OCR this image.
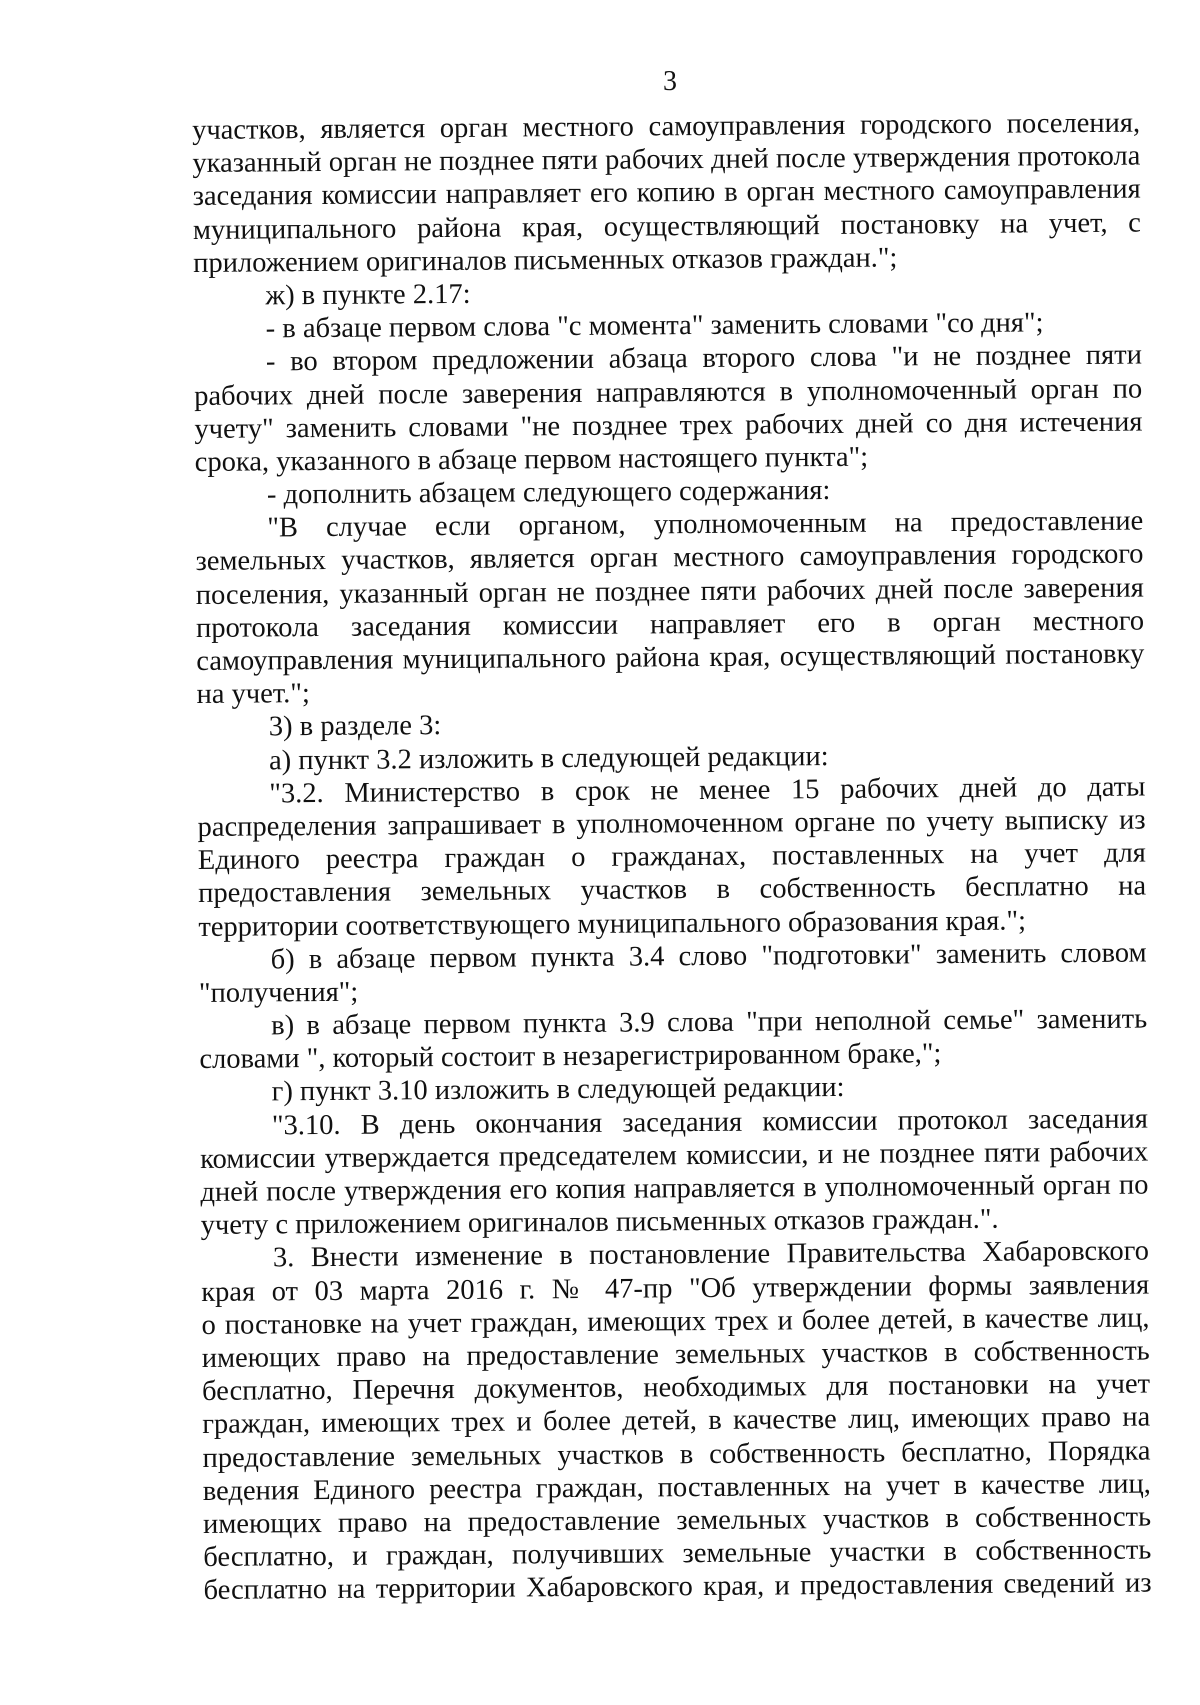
3
участков, является орган местного самоуправления городского поселения,
указанный орган не позднее пяти рабочих дней после утверждения протокола
заседания комиссии направляет его копию в орган местного самоуправления
муниципального района края, осуществляющий постановку на учет, с
приложением оригиналов письменных отказов граждан.";
ж) в пункте 2.17:
- в абзаце первом слова "с момента" заменить словами "со дня";
- во втором предложении абзаца второго слова "и не позднее пяти
рабочих дней после заверения направляются в уполномоченный орган по
учету" заменить словами "не позднее трех рабочих дней со дня истечения
срока, указанного в абзаце первом настоящего пункта";
- дополнить абзацем следующего содержания:
"В случае если органом, уполномоченным на предоставление
земельных участков, является орган местного самоуправления городского
поселения, указанный орган не позднее пяти рабочих дней после заверения
протокола заседания комиссии направляет его в орган местного
самоуправления муниципального района края, осуществляющий постановку
на учет.";
3) в разделе 3:
а) пункт 3.2 изложить в следующей редакции:
"3.2. Министерство в срок не менее 15 рабочих дней до даты
распределения запрашивает в уполномоченном органе по учету выписку из
Единого реестра граждан о гражданах, поставленных на учет для
предоставления земельных участков в собственность бесплатно на
территории соответствующего муниципального образования края.";
б) в абзаце первом пункта 3.4 слово "подготовки" заменить словом
"получения";
в) в абзаце первом пункта 3.9 слова "при неполной семье" заменить
словами ", который состоит в незарегистрированном браке,";
г) пункт 3.10 изложить в следующей редакции:
"3.10. В день окончания заседания комиссии протокол заседания
комиссии утверждается председателем комиссии, и не позднее пяти рабочих
дней после утверждения его копия направляется в уполномоченный орган по
учету с приложением оригиналов письменных отказов граждан.".
3. Внести изменение в постановление Правительства Хабаровского
края от 03 марта 2016 г. № 47-пр "Об утверждении формы заявления
о постановке на учет граждан, имеющих трех и более детей, в качестве лиц,
имеющих право на предоставление земельных участков в собственность
бесплатно, Перечня документов, необходимых для постановки на учет
граждан, имеющих трех и более детей, в качестве лиц, имеющих право на
предоставление земельных участков в собственность бесплатно, Порядка
ведения Единого реестра граждан, поставленных на учет в качестве лиц,
имеющих право на предоставление земельных участков в собственность
бесплатно, и граждан, получивших земельные участки в собственность
бесплатно на территории Хабаровского края, и предоставления сведений из
